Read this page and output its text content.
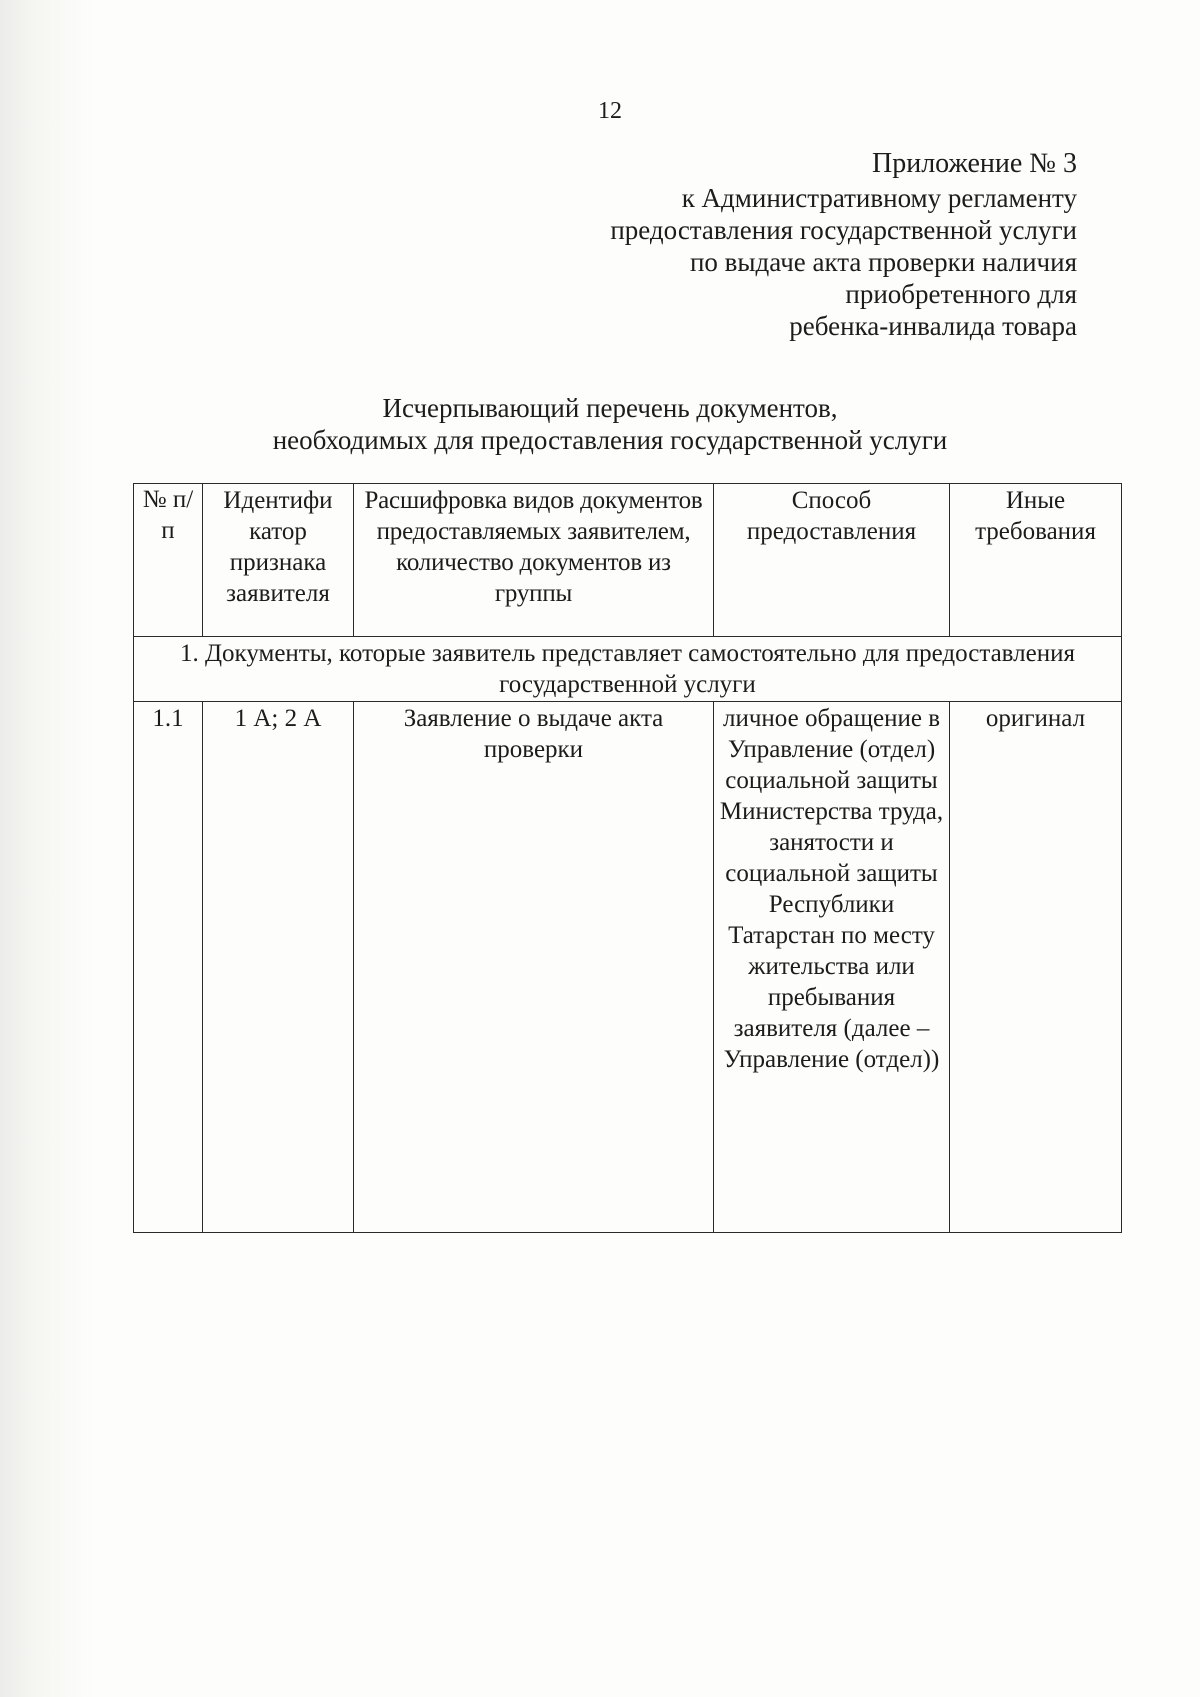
12
Приложение № 3
к Административному регламенту
предоставления государственной услуги
по выдаче акта проверки наличия
приобретенного для
ребенка-инвалида товара
Исчерпывающий перечень документов,
необходимых для предоставления государственной услуги
№ п/п	Идентифи катор признака заявителя	Расшифровка видов документов предоставляемых заявителем, количество документов из группы	Способ предоставления	Иные требования
1. Документы, которые заявитель представляет самостоятельно для предоставления государственной услуги				
1.1	1 А; 2 А	Заявление о выдаче акта проверки	личное обращение в Управление (отдел) социальной защиты Министерства труда, занятости и социальной защиты Республики Татарстан по месту жительства или пребывания заявителя (далее – Управление (отдел))	оригинал
